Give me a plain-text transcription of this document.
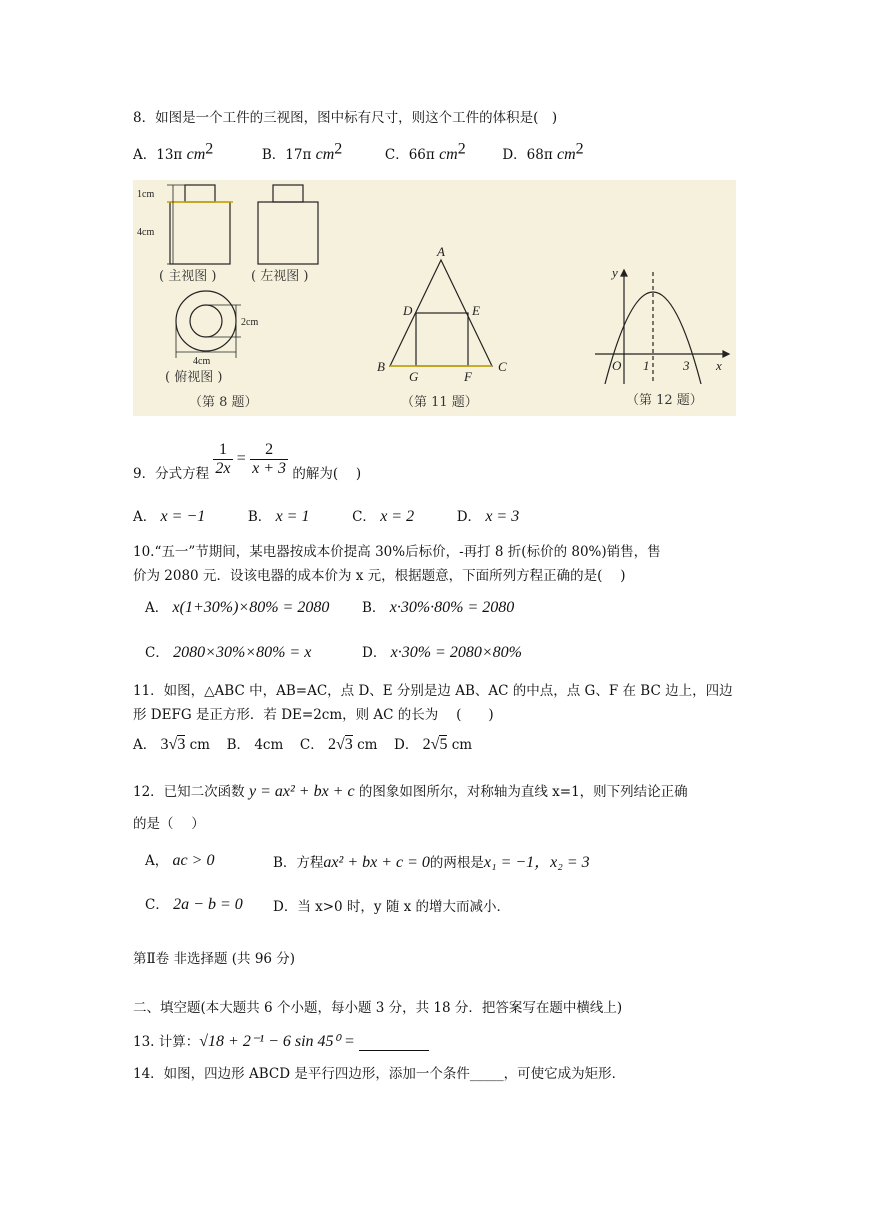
8．如图是一个工件的三视图，图中标有尺寸，则这个工件的体积是(　)
A．13π $cm^2$	B．17π $cm^2$	C．66π $cm^2$	D．68π $cm^2$
1cm
4cm
( 主视图 )	( 左视图 )
2cm
4cm
( 俯视图 )
（第 8 题）
A
B	C
D	E
F
G
（第 11 题）
y
x
O 1	3
（第 12 题）
9．分式方程 $\frac{1}{2x} = \frac{2}{x + 3}$ 的解为(　 )
A． x = −1	B． x = 1	C． x = 2	D． x = 3
10.“五一”节期间，某电器按成本价提高 30%后标价，-再打 8 折(标价的 80%)销售，售
价为 2080 元．设该电器的成本价为 x 元，根据题意，下面所列方程正确的是(　 )
A． x(1+30%)×80% = 2080 B． x·30%·80% = 2080
C． 2080×30%×80% = x	D． x·30% = 2080×80%
11．如图，△ABC 中，AB=AC，点 D、E 分别是边 AB、AC 的中点，点 G、F 在 BC 边上，四边
形 DEFG 是正方形．若 DE=2cm，则 AC 的长为　 (　　)
A． 3√3 cm B． 4cm C． 2√3 cm D． 2√5 cm
12．已知二次函数 y = ax² + bx + c 的图象如图所尔，对称轴为直线 x=1，则下列结论正确
的是（　 ）
A， ac > 0	B．方程ax² + bx + c = 0的两根是x₁ = −1，x₂ = 3
C． 2a − b = 0 D．当 x>0 时，y 随 x 的增大而减小．
第Ⅱ卷 非选择题 (共 96 分)
二、填空题(本大题共 6 个小题，每小题 3 分，共 18 分．把答案写在题中横线上)
13. 计算：√18 + 2⁻¹ − 6 sin 45⁰ =
14．如图，四边形 ABCD 是平行四边形，添加一个条件_____，可使它成为矩形．
